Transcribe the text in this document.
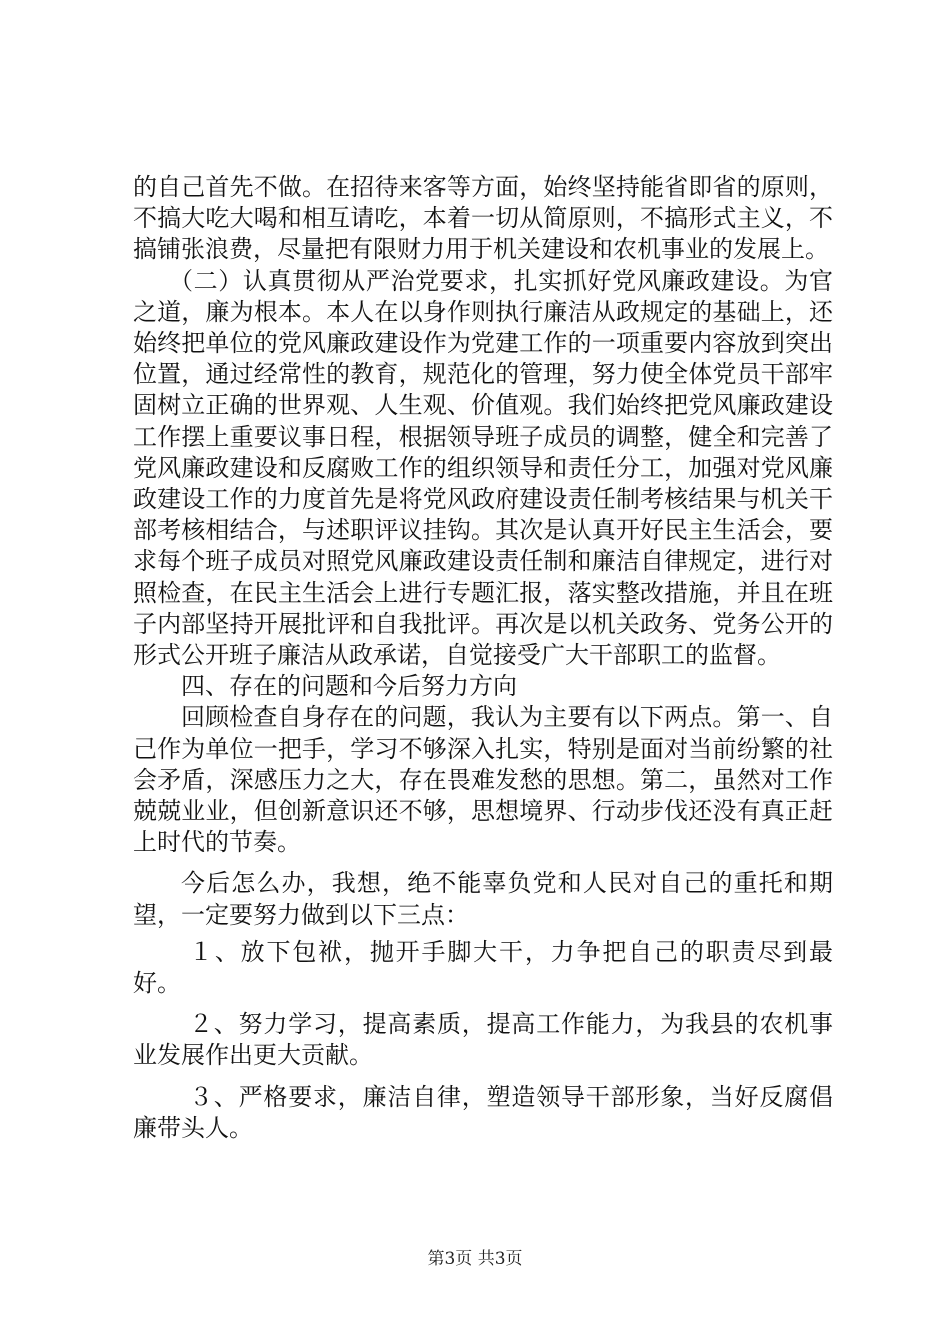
的自己首先不做。在招待来客等方面，始终坚持能省即省的原则，不搞大吃大喝和相互请吃，本着一切从简原则，不搞形式主义，不搞铺张浪费，尽量把有限财力用于机关建设和农机事业的发展上。

（二）认真贯彻从严治党要求，扎实抓好党风廉政建设。为官之道，廉为根本。本人在以身作则执行廉洁从政规定的基础上，还始终把单位的党风廉政建设作为党建工作的一项重要内容放到突出位置，通过经常性的教育，规范化的管理，努力使全体党员干部牢固树立正确的世界观、人生观、价值观。我们始终把党风廉政建设工作摆上重要议事日程，根据领导班子成员的调整，健全和完善了党风廉政建设和反腐败工作的组织领导和责任分工，加强对党风廉政建设工作的力度首先是将党风政府建设责任制考核结果与机关干部考核相结合，与述职评议挂钩。其次是认真开好民主生活会，要求每个班子成员对照党风廉政建设责任制和廉洁自律规定，进行对照检查，在民主生活会上进行专题汇报，落实整改措施，并且在班子内部坚持开展批评和自我批评。再次是以机关政务、党务公开的形式公开班子廉洁从政承诺，自觉接受广大干部职工的监督。

四、存在的问题和今后努力方向

回顾检查自身存在的问题，我认为主要有以下两点。第一、自己作为单位一把手，学习不够深入扎实，特别是面对当前纷繁的社会矛盾，深感压力之大，存在畏难发愁的思想。第二，虽然对工作兢兢业业，但创新意识还不够，思想境界、行动步伐还没有真正赶上时代的节奏。

今后怎么办，我想，绝不能辜负党和人民对自己的重托和期望，一定要努力做到以下三点：

１、放下包袱，抛开手脚大干，力争把自己的职责尽到最好。

２、努力学习，提高素质，提高工作能力，为我县的农机事业发展作出更大贡献。

３、严格要求，廉洁自律，塑造领导干部形象，当好反腐倡廉带头人。

第3页 共3页
